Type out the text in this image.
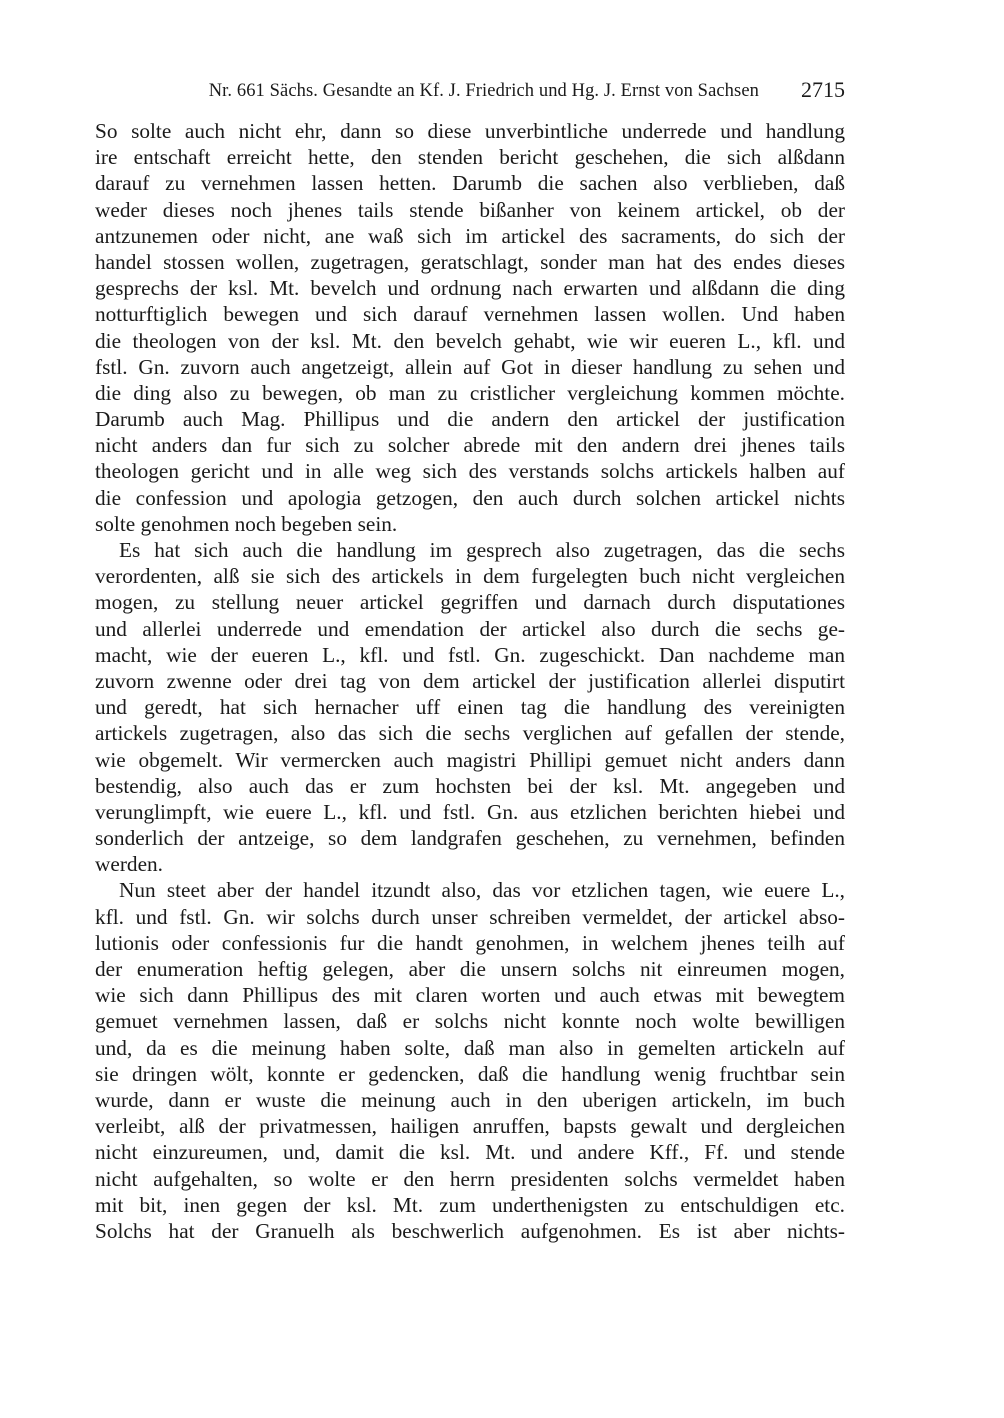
Nr. 661 Sächs. Gesandte an Kf. J. Friedrich und Hg. J. Ernst von Sachsen 2715
So solte auch nicht ehr, dann so diese unverbintliche underrede und handlung
ire entschaft erreicht hette, den stenden bericht geschehen, die sich alßdann
darauf zu vernehmen lassen hetten. Darumb die sachen also verblieben, daß
weder dieses noch jhenes tails stende bißanher von keinem artickel, ob der
antzunemen oder nicht, ane waß sich im artickel des sacraments, do sich der
handel stossen wollen, zugetragen, geratschlagt, sonder man hat des endes dieses
gesprechs der ksl. Mt. bevelch und ordnung nach erwarten und alßdann die ding
notturftiglich bewegen und sich darauf vernehmen lassen wollen. Und haben
die theologen von der ksl. Mt. den bevelch gehabt, wie wir eueren L., kfl. und
fstl. Gn. zuvorn auch angetzeigt, allein auf Got in dieser handlung zu sehen und
die ding also zu bewegen, ob man zu cristlicher vergleichung kommen möchte.
Darumb auch Mag. Phillipus und die andern den artickel der justification
nicht anders dan fur sich zu solcher abrede mit den andern drei jhenes tails
theologen gericht und in alle weg sich des verstands solchs artickels halben auf
die confession und apologia getzogen, den auch durch solchen artickel nichts
solte genohmen noch begeben sein.
Es hat sich auch die handlung im gesprech also zugetragen, das die sechs
verordenten, alß sie sich des artickels in dem furgelegten buch nicht vergleichen
mogen, zu stellung neuer artickel gegriffen und darnach durch disputationes
und allerlei underrede und emendation der artickel also durch die sechs ge-
macht, wie der eueren L., kfl. und fstl. Gn. zugeschickt. Dan nachdeme man
zuvorn zwenne oder drei tag von dem artickel der justification allerlei disputirt
und geredt, hat sich hernacher uff einen tag die handlung des vereinigten
artickels zugetragen, also das sich die sechs verglichen auf gefallen der stende,
wie obgemelt. Wir vermercken auch magistri Phillipi gemuet nicht anders dann
bestendig, also auch das er zum hochsten bei der ksl. Mt. angegeben und
verunglimpft, wie euere L., kfl. und fstl. Gn. aus etzlichen berichten hiebei und
sonderlich der antzeige, so dem landgrafen geschehen, zu vernehmen, befinden
werden.
Nun steet aber der handel itzundt also, das vor etzlichen tagen, wie euere L.,
kfl. und fstl. Gn. wir solchs durch unser schreiben vermeldet, der artickel abso-
lutionis oder confessionis fur die handt genohmen, in welchem jhenes teilh auf
der enumeration heftig gelegen, aber die unsern solchs nit einreumen mogen,
wie sich dann Phillipus des mit claren worten und auch etwas mit bewegtem
gemuet vernehmen lassen, daß er solchs nicht konnte noch wolte bewilligen
und, da es die meinung haben solte, daß man also in gemelten artickeln auf
sie dringen wölt, konnte er gedencken, daß die handlung wenig fruchtbar sein
wurde, dann er wuste die meinung auch in den uberigen artickeln, im buch
verleibt, alß der privatmessen, hailigen anruffen, bapsts gewalt und dergleichen
nicht einzureumen, und, damit die ksl. Mt. und andere Kff., Ff. und stende
nicht aufgehalten, so wolte er den herrn presidenten solchs vermeldet haben
mit bit, inen gegen der ksl. Mt. zum underthenigsten zu entschuldigen etc.
Solchs hat der Granuelh als beschwerlich aufgenohmen. Es ist aber nichts-
